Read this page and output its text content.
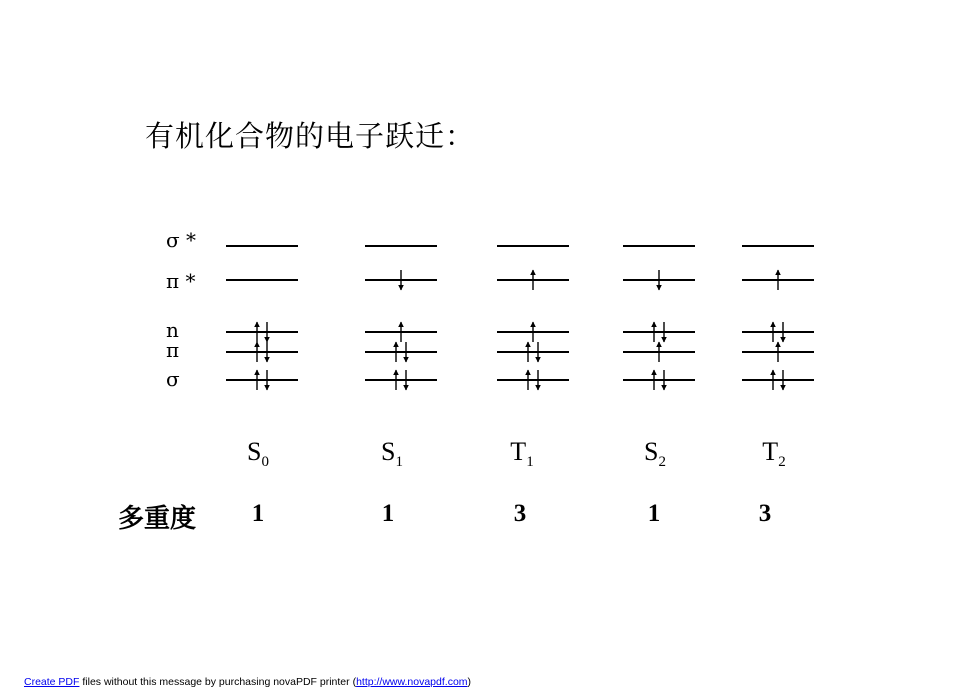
有机化合物的电子跃迁：
σ *
π *
n
π
σ
$S_0$	$S_1$	$T_1$	$S_2$	$T_2$
多重度	1	1	3	1	3
Create PDF files without this message by purchasing novaPDF printer (http://www.novapdf.com)
